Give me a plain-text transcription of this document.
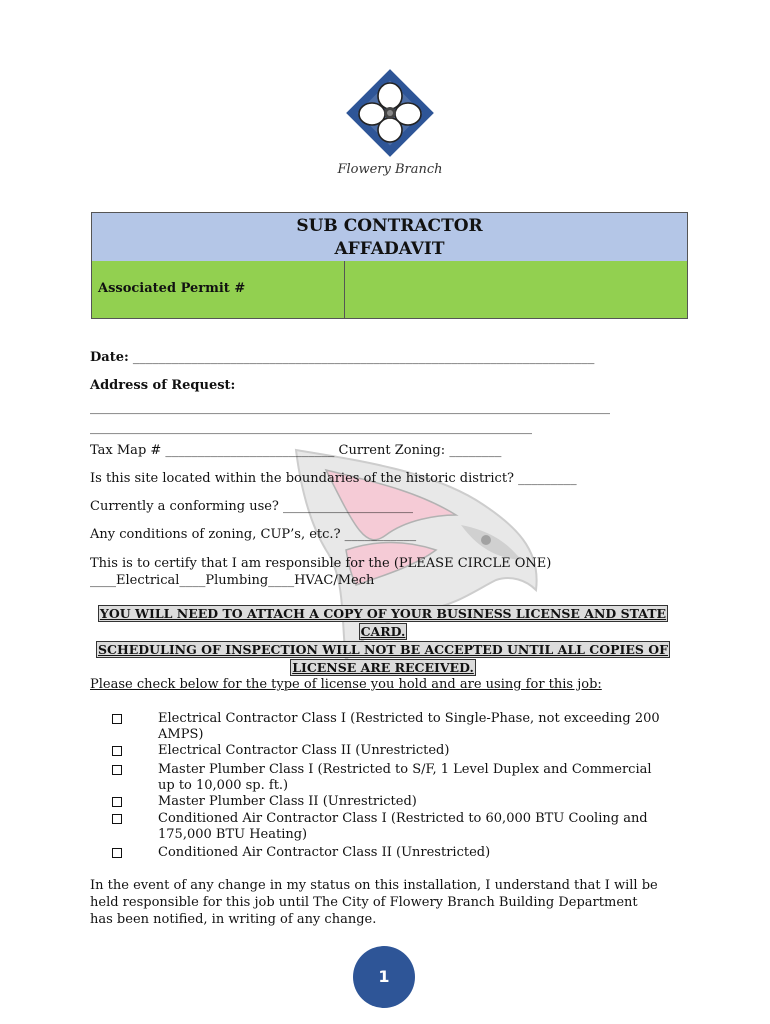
Flowery Branch
SUB CONTRACTOR
AFFADAVIT
Associated Permit #
Date: _______________________________________________________________________
Address of Request:
________________________________________________________________________________
____________________________________________________________________
Tax Map # __________________________ Current Zoning: ________
Is this site located within the boundaries of the historic district? _________
Currently a conforming use? ____________________
Any conditions of zoning, CUP’s, etc.? ___________
This is to certify that I am responsible for the (PLEASE CIRCLE ONE)
____Electrical____Plumbing____HVAC/Mech
YOU WILL NEED TO ATTACH A COPY OF YOUR BUSINESS LICENSE AND STATE
CARD.
SCHEDULING OF INSPECTION WILL NOT BE ACCEPTED UNTIL ALL COPIES OF
LICENSE ARE RECEIVED.
Please check below for the type of license you hold and are using for this job:
Electrical Contractor Class I (Restricted to Single-Phase, not exceeding 200
AMPS)
Electrical Contractor Class II (Unrestricted)
Master Plumber Class I (Restricted to S/F, 1 Level Duplex and Commercial
up to 10,000 sp. ft.)
Master Plumber Class II (Unrestricted)
Conditioned Air Contractor Class I (Restricted to 60,000 BTU Cooling and
175,000 BTU Heating)
Conditioned Air Contractor Class II (Unrestricted)
In the event of any change in my status on this installation, I understand that I will be
held responsible for this job until The City of Flowery Branch Building Department
has been notified, in writing of any change.
1
